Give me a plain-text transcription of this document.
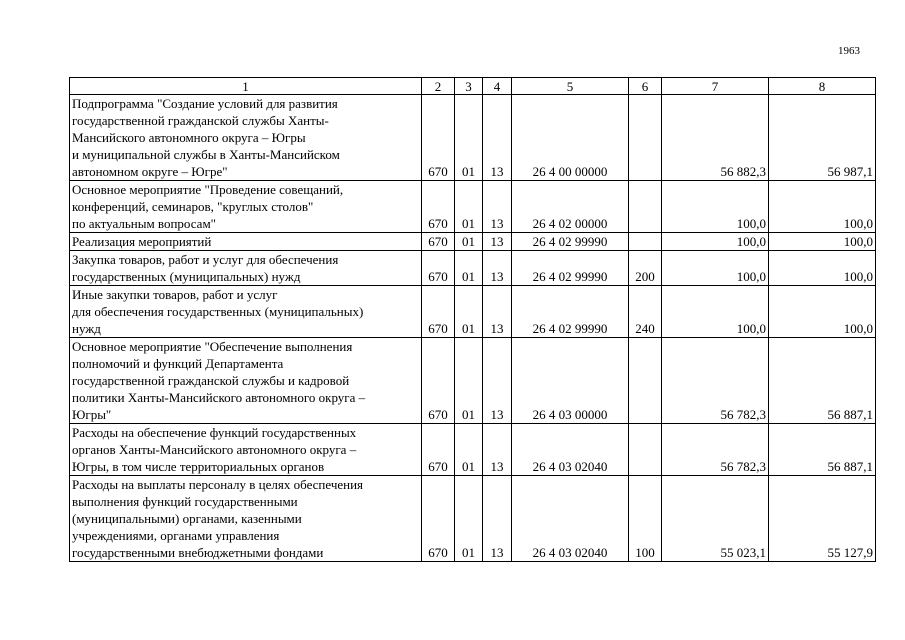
1963
1	2	3	4	5	6	7	8
Подпрограмма "Создание условий для развития
государственной гражданской службы Ханты-
Мансийского автономного округа – Югры
и муниципальной службы в Ханты-Мансийском
автономном округе – Югре"	670	01	13	26 4 00 00000		56 882,3	56 987,1
Основное мероприятие "Проведение совещаний,
конференций, семинаров, "круглых столов"
по актуальным вопросам"	670	01	13	26 4 02 00000		100,0	100,0
Реализация мероприятий	670	01	13	26 4 02 99990		100,0	100,0
Закупка товаров, работ и услуг для обеспечения
государственных (муниципальных) нужд	670	01	13	26 4 02 99990	200	100,0	100,0
Иные закупки товаров, работ и услуг
для обеспечения государственных (муниципальных)
нужд	670	01	13	26 4 02 99990	240	100,0	100,0
Основное мероприятие "Обеспечение выполнения
полномочий и функций Департамента
государственной гражданской службы и кадровой
политики Ханты-Мансийского автономного округа –
Югры"	670	01	13	26 4 03 00000		56 782,3	56 887,1
Расходы на обеспечение функций государственных
органов Ханты-Мансийского автономного округа –
Югры, в том числе территориальных органов	670	01	13	26 4 03 02040		56 782,3	56 887,1
Расходы на выплаты персоналу в целях обеспечения
выполнения функций государственными
(муниципальными) органами, казенными
учреждениями, органами управления
государственными внебюджетными фондами	670	01	13	26 4 03 02040	100	55 023,1	55 127,9
